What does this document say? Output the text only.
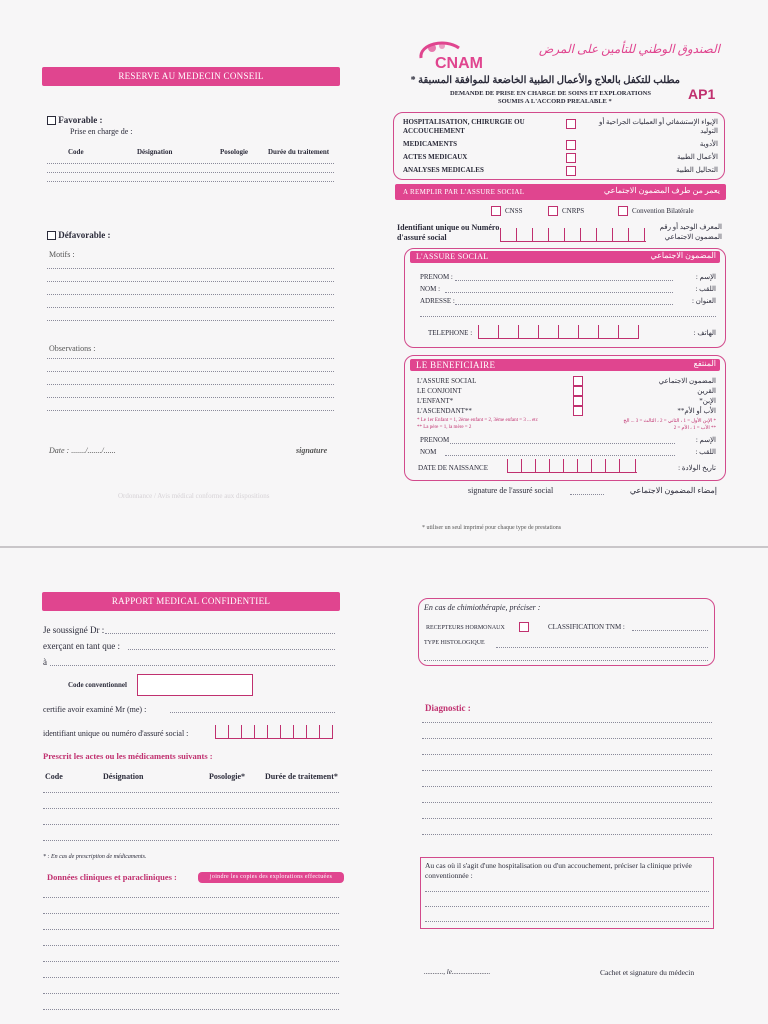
RESERVE AU MEDECIN CONSEIL
Favorable :
Prise en charge de :
Code	Désignation	Posologie	Durée du traitement
Défavorable :
Motifs :
Observations :
Date : ......./......./......	signature
Ordonnance / Avis médical conforme aux dispositions
CNAM
الصندوق الوطني للتأمين على المرض
مطلب للتكفل بالعلاج والأعمال الطبية الخاضعة للموافقة المسبقة *
DEMANDE DE PRISE EN CHARGE DE SOINS ET EXPLORATIONS
SOUMIS A L'ACCORD PREALABLE *	AP1
HOSPITALISATION, CHIRURGIE OU ACCOUCHEMENT
الإيواء الإستشفائي أو العمليات الجراحية أو التوليد
MEDICAMENTS	الأدوية
ACTES MEDICAUX	الأعمال الطبية
ANALYSES MEDICALES	التحاليل الطبية
A REMPLIR PAR L'ASSURE SOCIAL	يعمر من طرف المضمون الاجتماعي
CNSS	CNRPS	Convention Bilatérale
Identifiant unique ou Numéro d'assuré social
المعرف الوحيد أو رقم المضمون الاجتماعي
L'ASSURE SOCIAL	المضمون الاجتماعي
PRENOM :	الإسم :
NOM :	اللقب :
ADRESSE :	العنوان :
TELEPHONE :	الهاتف :
LE BENEFICIAIRE	المنتفع
L'ASSURE SOCIAL	المضمون الاجتماعي
LE CONJOINT	القرين
L'ENFANT*	الإبن*
L'ASCENDANT**	الأب أو الأم**
* Le 1er Enfant = 1, 2ème enfant = 2, 3ème enfant = 3 ... etc
** La père = 1, la mère = 2
* الإبن الأول = 1 ، الثاني = 2 ، الثالث = 3 ... الخ
** الأب = 1 ، الأم = 2
PRENOM	الإسم :
NOM	اللقب :
DATE DE NAISSANCE	تاريخ الولادة :
signature de l'assuré social	إمضاء المضمون الاجتماعي
* utiliser un seul imprimé pour chaque type de prestations
RAPPORT MEDICAL CONFIDENTIEL
Je soussigné Dr :
exerçant en tant que :
à
Code conventionnel
certifie avoir examiné Mr (me) :
identifiant unique ou numéro d'assuré social :
Prescrit les actes ou les médicaments suivants :
Code	Désignation	Posologie*	Durée de traitement*
* : En cas de prescription de médicaments.
Données cliniques et paracliniques :	joindre les copies des explorations effectuées
En cas de chimiothérapie, préciser :
RECEPTEURS HORMONAUX	CLASSIFICATION TNM :
TYPE HISTOLOGIQUE
Diagnostic :
Au cas où il s'agit d'une hospitalisation ou d'un accouchement, préciser la clinique privée conventionnée :
..........., le......................	Cachet et signature du médecin
